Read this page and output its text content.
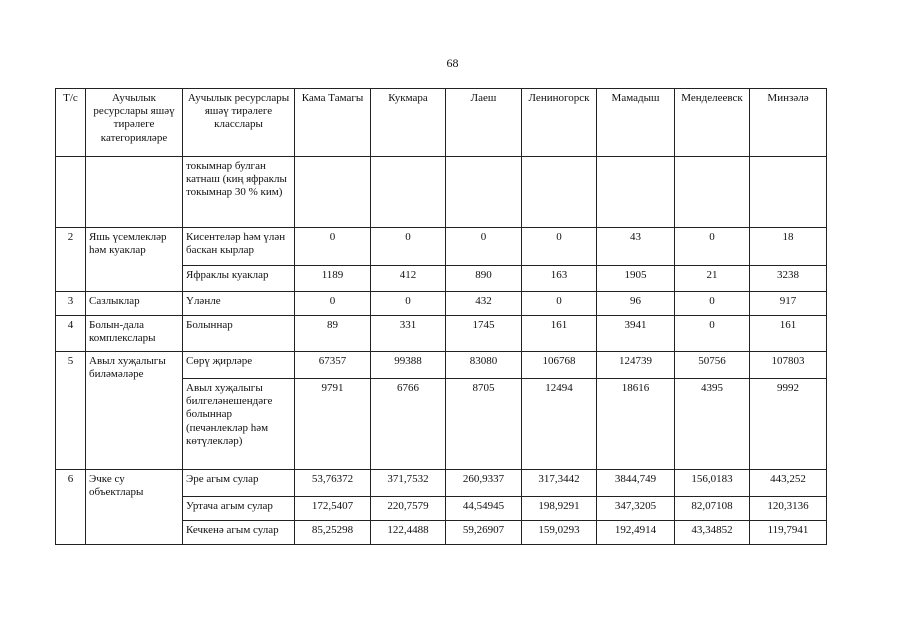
68
Т/с	Аучылык ресурслары яшәү тирәлеге категорияләре	Аучылык ресурслары яшәү тирәлеге класслары	Кама Тамагы	Кукмара	Лаеш	Лениногорск	Мамадыш	Менделеевск	Минзәлә
		токымнар булган катнаш (киң яфраклы токымнар 30 % ким)							
2	Яшь үсемлекләр һәм куаклар	Кисентеләр һәм үлән баскан кырлар	0	0	0	0	43	0	18
		Яфраклы куаклар	1189	412	890	163	1905	21	3238
3	Сазлыклар	Үләнле	0	0	432	0	96	0	917
4	Болын-дала комплекслары	Болыннар	89	331	1745	161	3941	0	161
5	Авыл хуҗалыгы биләмәләре	Сөрү җирләре	67357	99388	83080	106768	124739	50756	107803
		Авыл хуҗалыгы билгеләнешендәге болыннар (печәнлекләр һәм көтүлекләр)	9791	6766	8705	12494	18616	4395	9992
6	Эчке су объектлары	Эре агым сулар	53,76372	371,7532	260,9337	317,3442	3844,749	156,0183	443,252
		Уртача агым сулар	172,5407	220,7579	44,54945	198,9291	347,3205	82,07108	120,3136
		Кечкенә агым сулар	85,25298	122,4488	59,26907	159,0293	192,4914	43,34852	119,7941
